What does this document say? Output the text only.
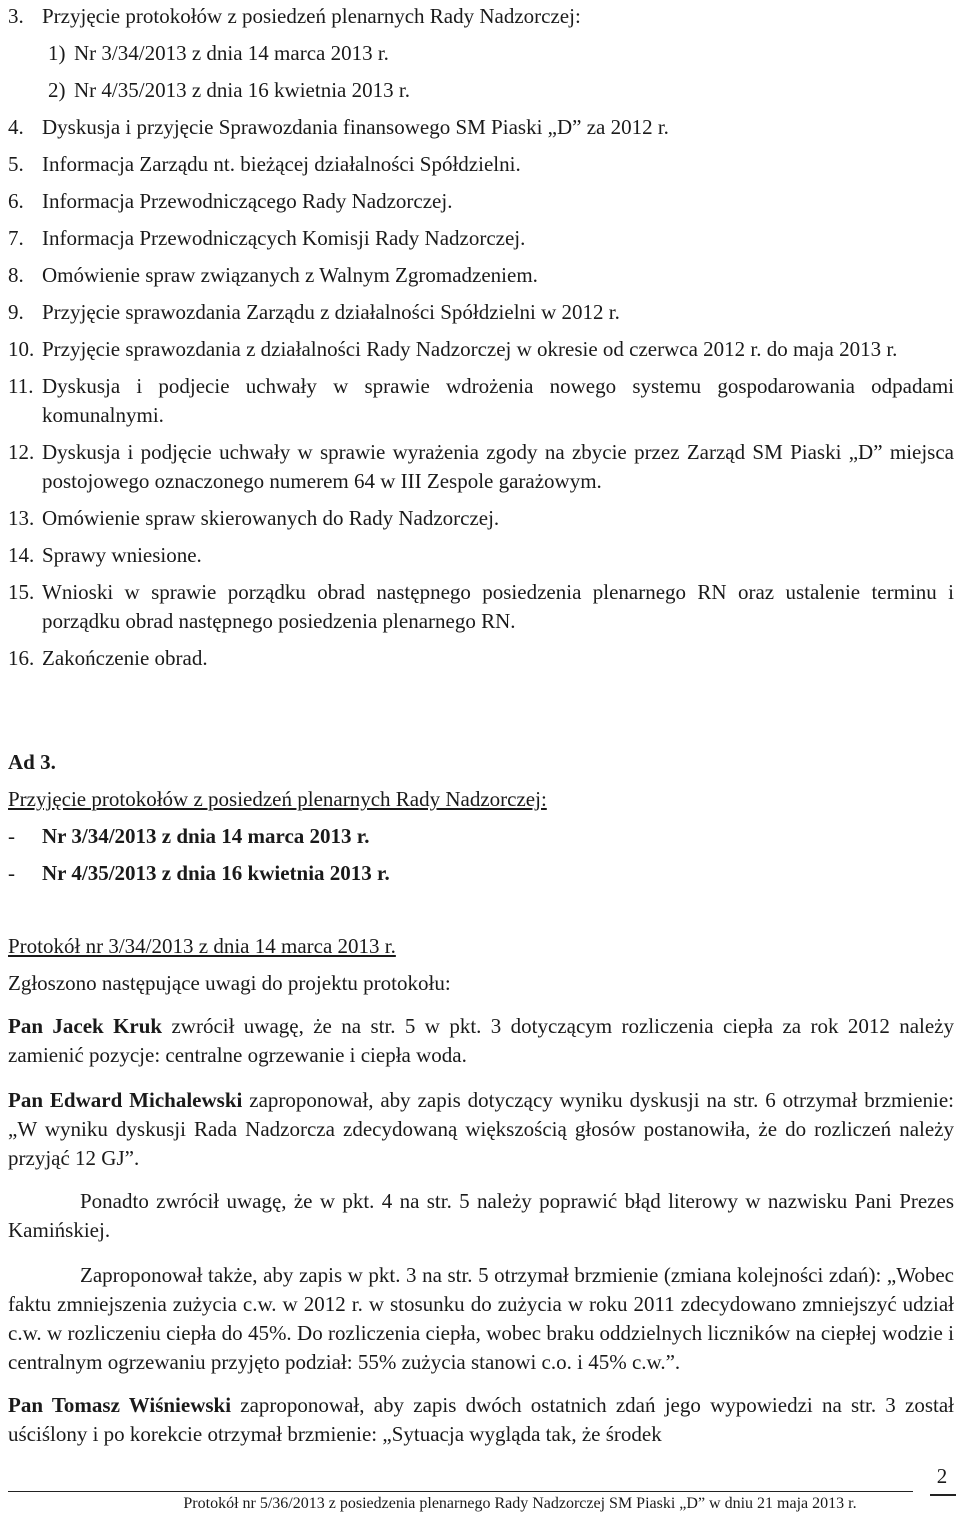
3. Przyjęcie protokołów z posiedzeń plenarnych Rady Nadzorczej:
1) Nr 3/34/2013 z dnia 14 marca 2013 r.
2) Nr 4/35/2013 z dnia 16 kwietnia 2013 r.
4. Dyskusja i przyjęcie Sprawozdania finansowego SM Piaski „D” za 2012 r.
5. Informacja Zarządu nt. bieżącej działalności Spółdzielni.
6. Informacja Przewodniczącego Rady Nadzorczej.
7. Informacja Przewodniczących Komisji Rady Nadzorczej.
8. Omówienie spraw związanych z Walnym Zgromadzeniem.
9. Przyjęcie sprawozdania Zarządu z działalności Spółdzielni w 2012 r.
10. Przyjęcie sprawozdania z działalności Rady Nadzorczej w okresie od czerwca 2012 r. do maja 2013 r.
11. Dyskusja i podjecie uchwały w sprawie wdrożenia nowego systemu gospodarowania odpadami komunalnymi.
12. Dyskusja i podjęcie uchwały w sprawie wyrażenia zgody na zbycie przez Zarząd SM Piaski „D” miejsca postojowego oznaczonego numerem 64 w III Zespole garażowym.
13. Omówienie spraw skierowanych do Rady Nadzorczej.
14. Sprawy wniesione.
15. Wnioski w sprawie porządku obrad następnego posiedzenia plenarnego RN oraz ustalenie terminu i porządku obrad następnego posiedzenia plenarnego RN.
16. Zakończenie obrad.
Ad 3.
Przyjęcie protokołów z posiedzeń plenarnych Rady Nadzorczej:
-	Nr 3/34/2013 z dnia 14 marca 2013 r.
-	Nr 4/35/2013 z dnia 16 kwietnia 2013 r.
Protokół nr 3/34/2013 z dnia 14 marca 2013 r.
Zgłoszono następujące uwagi do projektu protokołu:

Pan Jacek Kruk zwrócił uwagę, że na str. 5 w pkt. 3 dotyczącym rozliczenia ciepła za rok 2012 należy zamienić pozycje: centralne ogrzewanie i ciepła woda.

Pan Edward Michalewski zaproponował, aby zapis dotyczący wyniku dyskusji na str. 6 otrzymał brzmienie: „W wyniku dyskusji Rada Nadzorcza zdecydowaną większością głosów postanowiła, że do rozliczeń należy przyjąć 12 GJ”.

Ponadto zwrócił uwagę, że w pkt. 4 na str. 5 należy poprawić błąd literowy w nazwisku Pani Prezes Kamińskiej.

Zaproponował także, aby zapis w pkt. 3 na str. 5 otrzymał brzmienie (zmiana kolejności zdań): „Wobec faktu zmniejszenia zużycia c.w. w 2012 r. w stosunku do zużycia w roku 2011 zdecydowano zmniejszyć udział c.w. w rozliczeniu ciepła do 45%. Do rozliczenia ciepła, wobec braku oddzielnych liczników na ciepłej wodzie i centralnym ogrzewaniu przyjęto podział: 55% zużycia stanowi c.o. i 45% c.w.”.

Pan Tomasz Wiśniewski zaproponował, aby zapis dwóch ostatnich zdań jego wypowiedzi na str. 3 został uściślony i po korekcie otrzymał brzmienie: „Sytuacja wygląda tak, że środek

Protokół nr 5/36/2013 z posiedzenia plenarnego Rady Nadzorczej SM Piaski „D” w dniu 21 maja 2013 r.
2
